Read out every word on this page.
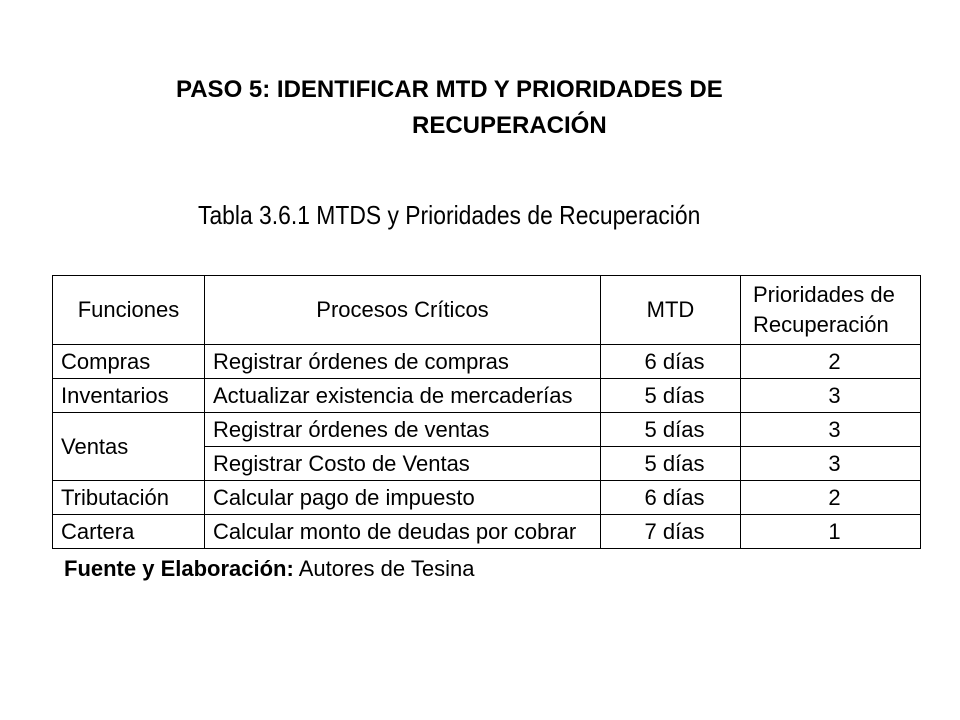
PASO 5: IDENTIFICAR MTD Y PRIORIDADES DE
RECUPERACIÓN
Tabla 3.6.1 MTDS y Prioridades de Recuperación
Funciones	Procesos Críticos	MTD	Prioridades de
Recuperación

Compras	Registrar órdenes de compras	6 días	2
Inventarios	Actualizar existencia de mercaderías	5 días	3
Ventas	Registrar órdenes de ventas	5 días	3
	Registrar Costo de Ventas	5 días	3
Tributación	Calcular pago de impuesto	6 días	2
Cartera	Calcular monto de deudas por cobrar	7 días	1
Fuente y Elaboración: Autores de Tesina
